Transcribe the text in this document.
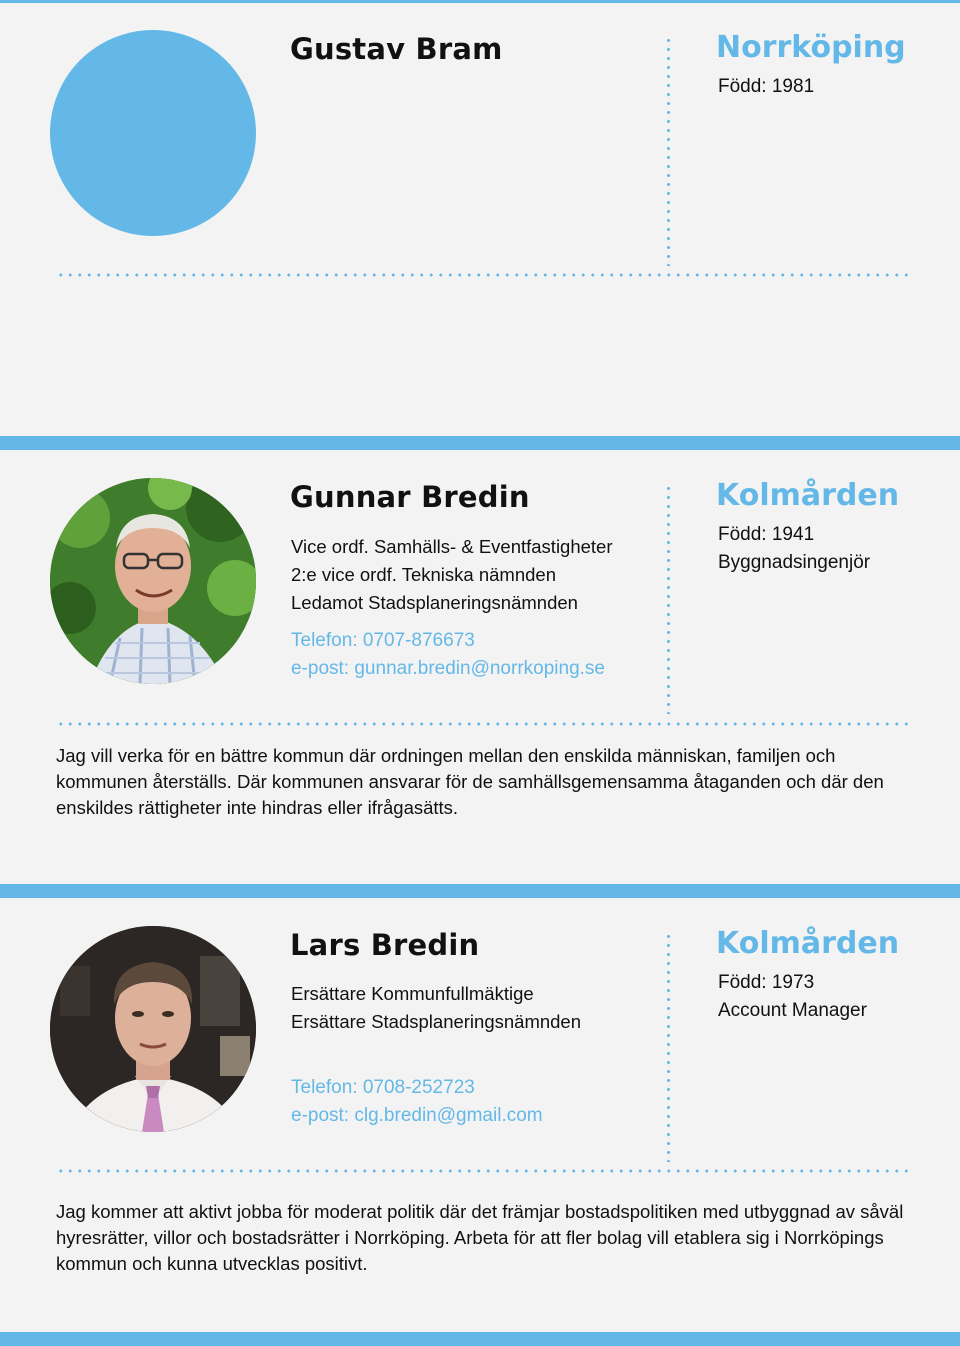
Gustav Bram	Norrköping
Född: 1981
Gunnar Bredin
Vice ordf. Samhälls- & Eventfastigheter
2:e vice ordf. Tekniska nämnden
Ledamot Stadsplaneringsnämnden
Telefon: 0707-876673
e-post: gunnar.bredin@norrkoping.se
Kolmården
Född: 1941
Byggnadsingenjör
Jag vill verka för en bättre kommun där ordningen mellan den enskilda människan, familjen och kommunen återställs. Där kommunen ansvarar för de samhällsgemensamma åtaganden och där den enskildes rättigheter inte hindras eller ifrågasätts.
Lars Bredin
Ersättare Kommunfullmäktige
Ersättare Stadsplaneringsnämnden
Telefon: 0708-252723
e-post: clg.bredin@gmail.com
Kolmården
Född: 1973
Account Manager
Jag kommer att aktivt jobba för moderat politik där det främjar bostadspolitiken med utbyggnad av såväl hyresrätter, villor och bostadsrätter i Norrköping. Arbeta för att fler bolag vill etablera sig i Norrköpings kommun och kunna utvecklas positivt.
